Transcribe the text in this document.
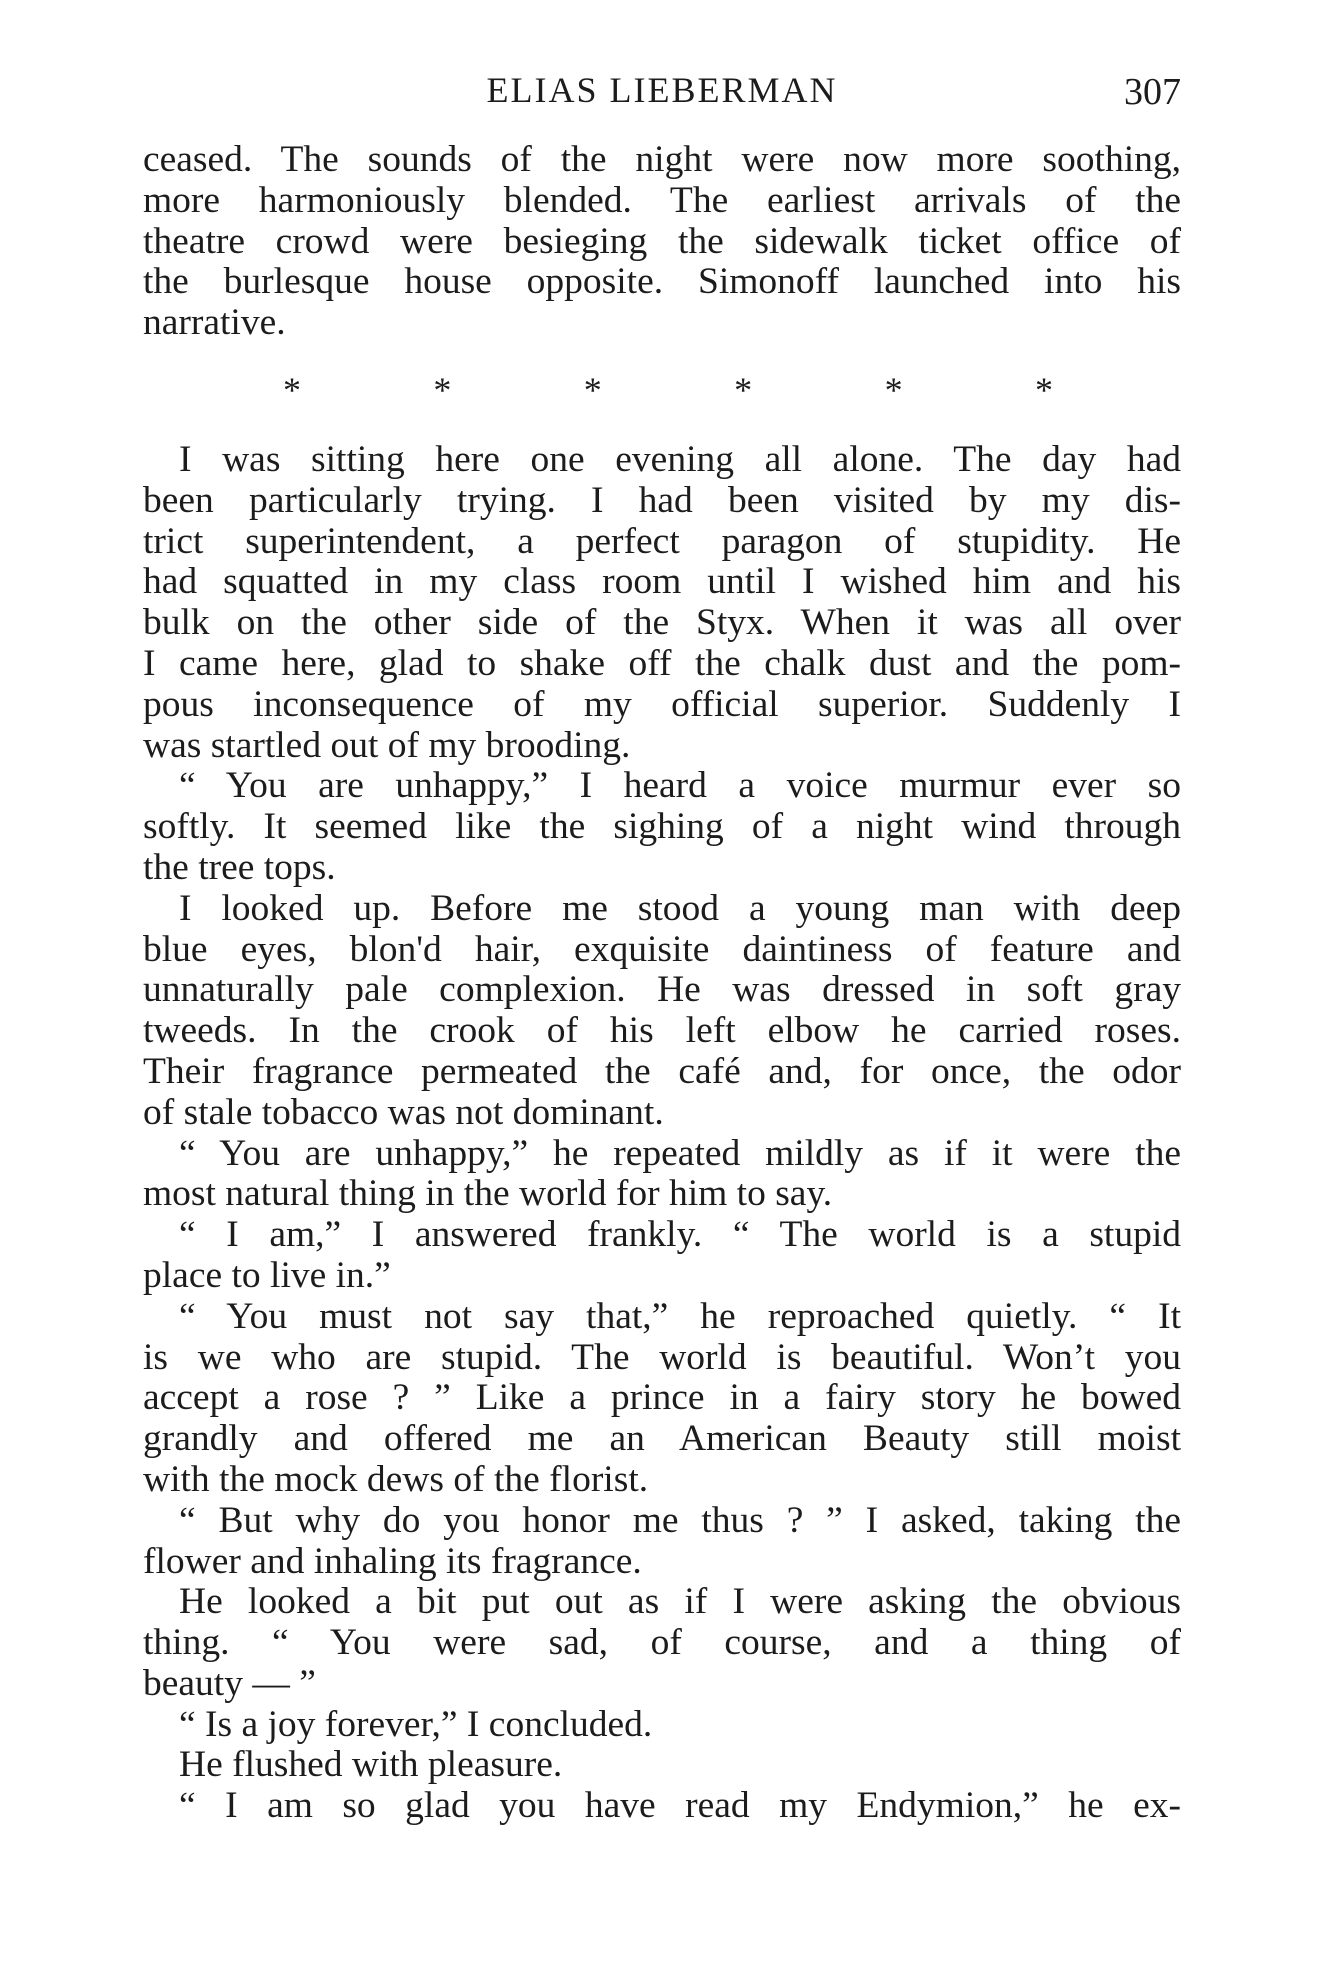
ELIAS LIEBERMAN	307
ceased. The sounds of the night were now more soothing,
more harmoniously blended. The earliest arrivals of the
theatre crowd were besieging the sidewalk ticket office of
the burlesque house opposite. Simonoff launched into his
narrative.
*	*	*	*	*	*
I was sitting here one evening all alone. The day had
been particularly trying. I had been visited by my dis-
trict superintendent, a perfect paragon of stupidity. He
had squatted in my class room until I wished him and his
bulk on the other side of the Styx. When it was all over
I came here, glad to shake off the chalk dust and the pom-
pous inconsequence of my official superior. Suddenly I
was startled out of my brooding.
“ You are unhappy,” I heard a voice murmur ever so
softly. It seemed like the sighing of a night wind through
the tree tops.
I looked up. Before me stood a young man with deep
blue eyes, blon'd hair, exquisite daintiness of feature and
unnaturally pale complexion. He was dressed in soft gray
tweeds. In the crook of his left elbow he carried roses.
Their fragrance permeated the café and, for once, the odor
of stale tobacco was not dominant.
“ You are unhappy,” he repeated mildly as if it were the
most natural thing in the world for him to say.
“ I am,” I answered frankly. “ The world is a stupid
place to live in.”
“ You must not say that,” he reproached quietly. “ It
is we who are stupid. The world is beautiful. Won’t you
accept a rose ? ” Like a prince in a fairy story he bowed
grandly and offered me an American Beauty still moist
with the mock dews of the florist.
“ But why do you honor me thus ? ” I asked, taking the
flower and inhaling its fragrance.
He looked a bit put out as if I were asking the obvious
thing. “ You were sad, of course, and a thing of
beauty — ”
“ Is a joy forever,” I concluded.
He flushed with pleasure.
“ I am so glad you have read my Endymion,” he ex-
